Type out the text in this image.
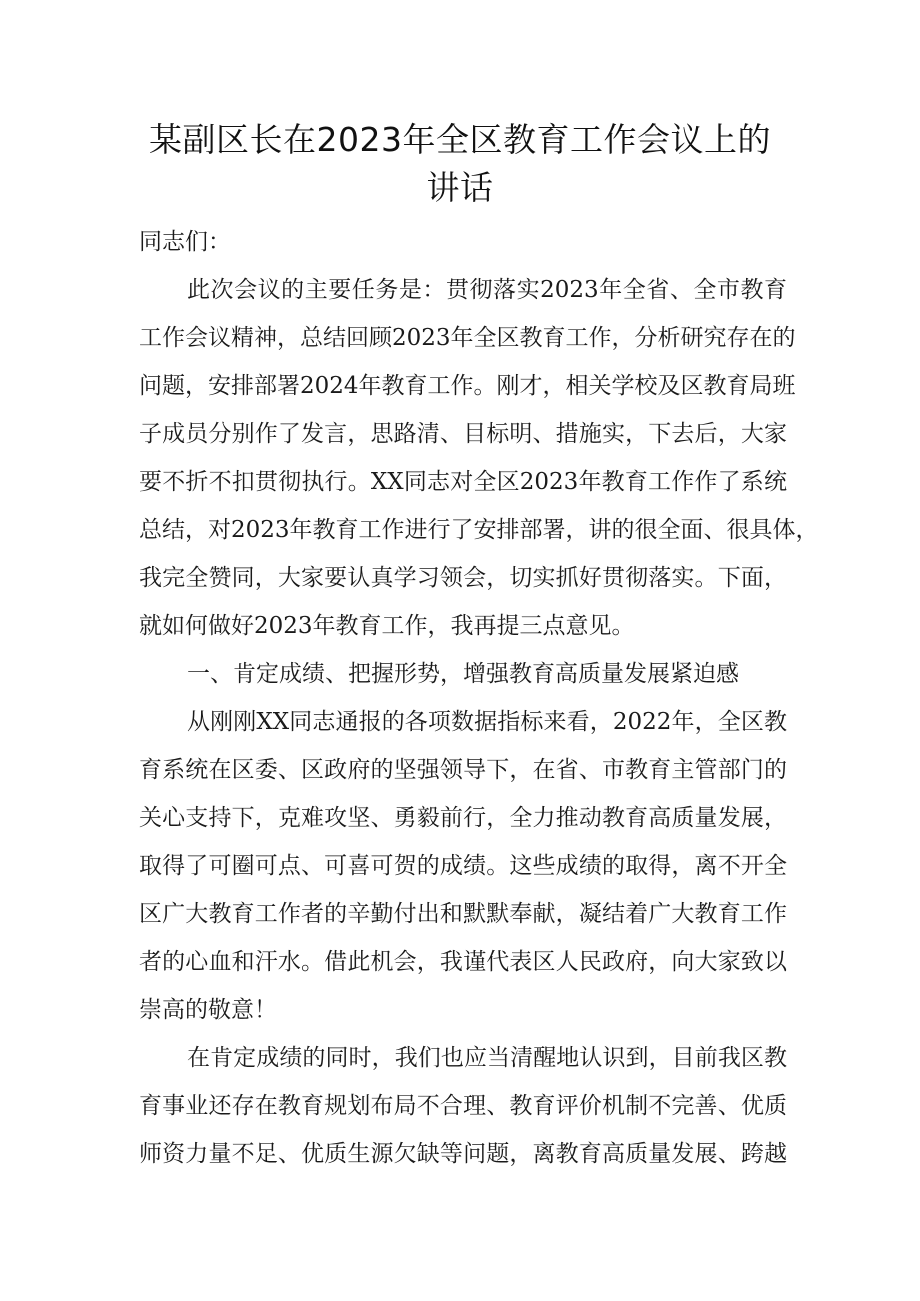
某副区长在2023年全区教育工作会议上的
讲话
同志们：
此次会议的主要任务是：贯彻落实2023年全省、全市教育
工作会议精神，总结回顾2023年全区教育工作，分析研究存在的
问题，安排部署2024年教育工作。刚才，相关学校及区教育局班
子成员分别作了发言，思路清、目标明、措施实，下去后，大家
要不折不扣贯彻执行。XX同志对全区2023年教育工作作了系统
总结，对2023年教育工作进行了安排部署，讲的很全面、很具体，
我完全赞同，大家要认真学习领会，切实抓好贯彻落实。下面，
就如何做好2023年教育工作，我再提三点意见。
一、肯定成绩、把握形势，增强教育高质量发展紧迫感
从刚刚XX同志通报的各项数据指标来看，2022年，全区教
育系统在区委、区政府的坚强领导下，在省、市教育主管部门的
关心支持下，克难攻坚、勇毅前行，全力推动教育高质量发展，
取得了可圈可点、可喜可贺的成绩。这些成绩的取得，离不开全
区广大教育工作者的辛勤付出和默默奉献，凝结着广大教育工作
者的心血和汗水。借此机会，我谨代表区人民政府，向大家致以
崇高的敬意！
在肯定成绩的同时，我们也应当清醒地认识到，目前我区教
育事业还存在教育规划布局不合理、教育评价机制不完善、优质
师资力量不足、优质生源欠缺等问题，离教育高质量发展、跨越
